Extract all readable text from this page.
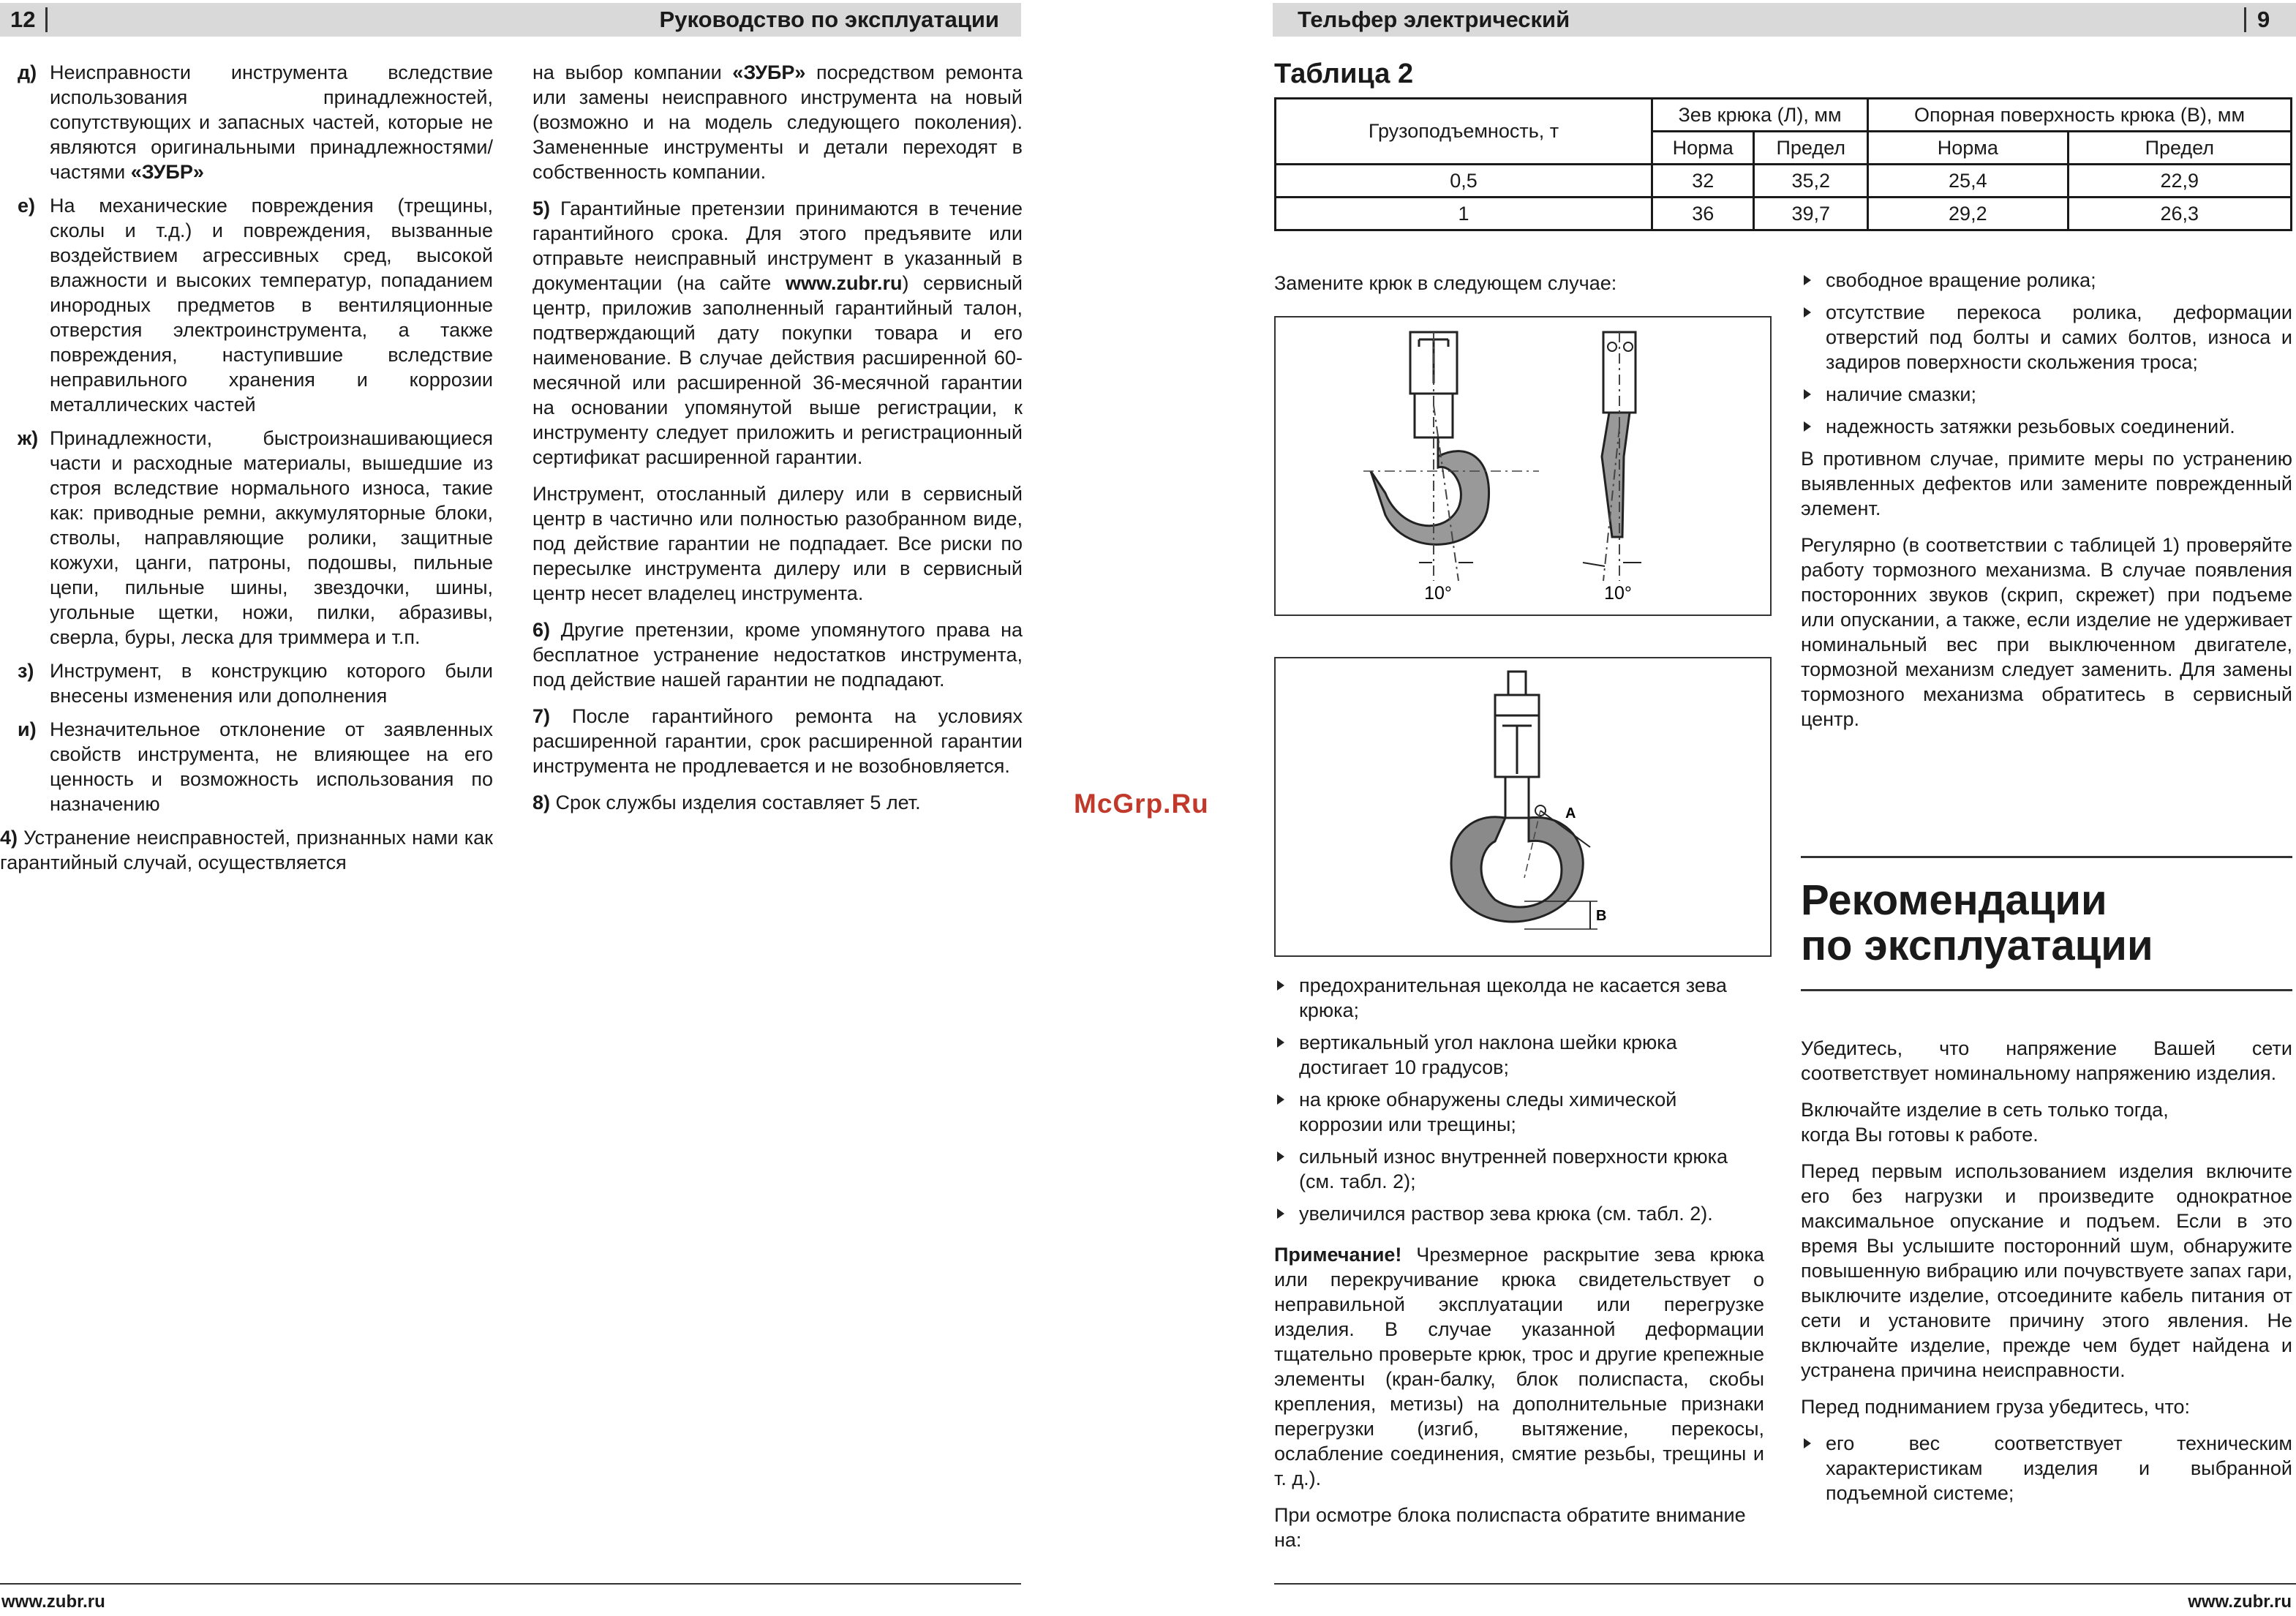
12	Руководство по эксплуатации
д) Неисправности инструмента вследствие использования принадлежностей, сопутствующих и запасных частей, которые не являются оригинальными принадлежностями/частями «ЗУБР»
е) На механические повреждения (трещины, сколы и т.д.) и повреждения, вызванные воздействием агрессивных сред, высокой влажности и высоких температур, попаданием инородных предметов в вентиляционные отверстия электроинструмента, а также повреждения, наступившие вследствие неправильного хранения и коррозии металлических частей
ж) Принадлежности, быстроизнашивающиеся части и расходные материалы, вышедшие из строя вследствие нормального износа, такие как: приводные ремни, аккумуляторные блоки, стволы, направляющие ролики, защитные кожухи, цанги, патроны, подошвы, пильные цепи, пильные шины, звездочки, шины, угольные щетки, ножи, пилки, абразивы, сверла, буры, леска для триммера и т.п.
з) Инструмент, в конструкцию которого были внесены изменения или дополнения
и) Незначительное отклонение от заявленных свойств инструмента, не влияющее на его ценность и возможность использования по назначению

4) Устранение неисправностей, признанных нами как гарантийный случай, осуществляется

на выбор компании «ЗУБР» посредством ремонта или замены неисправного инструмента на новый (возможно и на модель следующего поколения). Замененные инструменты и детали переходят в собственность компании.

5) Гарантийные претензии принимаются в течение гарантийного срока. Для этого предъявите или отправьте неисправный инструмент в указанный в документации (на сайте www.zubr.ru) сервисный центр, приложив заполненный гарантийный талон, подтверждающий дату покупки товара и его наименование. В случае действия расширенной 60-месячной или расширенной 36-месячной гарантии на основании упомянутой выше регистрации, к инструменту следует приложить и регистрационный сертификат расширенной гарантии.

Инструмент, отосланный дилеру или в сервисный центр в частично или полностью разобранном виде, под действие гарантии не подпадает. Все риски по пересылке инструмента дилеру или в сервисный центр несет владелец инструмента.

6) Другие претензии, кроме упомянутого права на бесплатное устранение недостатков инструмента, под действие нашей гарантии не подпадают.

7) После гарантийного ремонта на условиях расширенной гарантии, срок расширенной гарантии инструмента не продлевается и не возобновляется.

8) Срок службы изделия составляет 5 лет.

www.zubr.ru
McGrp.Ru
Тельфер электрический	9
Таблица 2
Грузоподъемность, т	Зев крюка (Л), мм		Опорная поверхность крюка (В), мм	
	Норма	Предел	Норма	Предел
0,5	32	35,2	25,4	22,9
1	36	39,7	29,2	26,3

Замените крюк в следующем случае:

10°	10°
А
В
предохранительная щеколда не касается зева крюка;
вертикальный угол наклона шейки крюка достигает 10 градусов;
на крюке обнаружены следы химической коррозии или трещины;
сильный износ внутренней поверхности крюка (см. табл. 2);
увеличился раствор зева крюка (см. табл. 2).

Примечание! Чрезмерное раскрытие зева крюка или перекручивание крюка свидетельствует о неправильной эксплуатации или перегрузке изделия. В случае указанной деформации тщательно проверьте крюк, трос и другие крепежные элементы (кран-балку, блок полиспаста, скобы крепления, метизы) на дополнительные признаки перегрузки (изгиб, вытяжение, перекосы, ослабление соединения, смятие резьбы, трещины и т. д.).

При осмотре блока полиспаста обратите внимание на:

свободное вращение ролика;
отсутствие перекоса ролика, деформации отверстий под болты и самих болтов, износа и задиров поверхности скольжения троса;
наличие смазки;
надежность затяжки резьбовых соединений.

В противном случае, примите меры по устранению выявленных дефектов или замените поврежденный элемент.

Регулярно (в соответствии с таблицей 1) проверяйте работу тормозного механизма. В случае появления посторонних звуков (скрип, скрежет) при подъеме или опускании, а также, если изделие не удерживает номинальный вес при выключенном двигателе, тормозной механизм следует заменить. Для замены тормозного механизма обратитесь в сервисный центр.

Рекомендации
по эксплуатации

Убедитесь, что напряжение Вашей сети соответствует номинальному напряжению изделия.

Включайте изделие в сеть только тогда,
когда Вы готовы к работе.

Перед первым использованием изделия включите его без нагрузки и произведите однократное максимальное опускание и подъем. Если в это время Вы услышите посторонний шум, обнаружите повышенную вибрацию или почувствуете запах гари, выключите изделие, отсоедините кабель питания от сети и установите причину этого явления. Не включайте изделие, прежде чем будет найдена и устранена причина неисправности.

Перед подниманием груза убедитесь, что:

его вес соответствует техническим характеристикам изделия и выбранной подъемной системе;
www.zubr.ru
